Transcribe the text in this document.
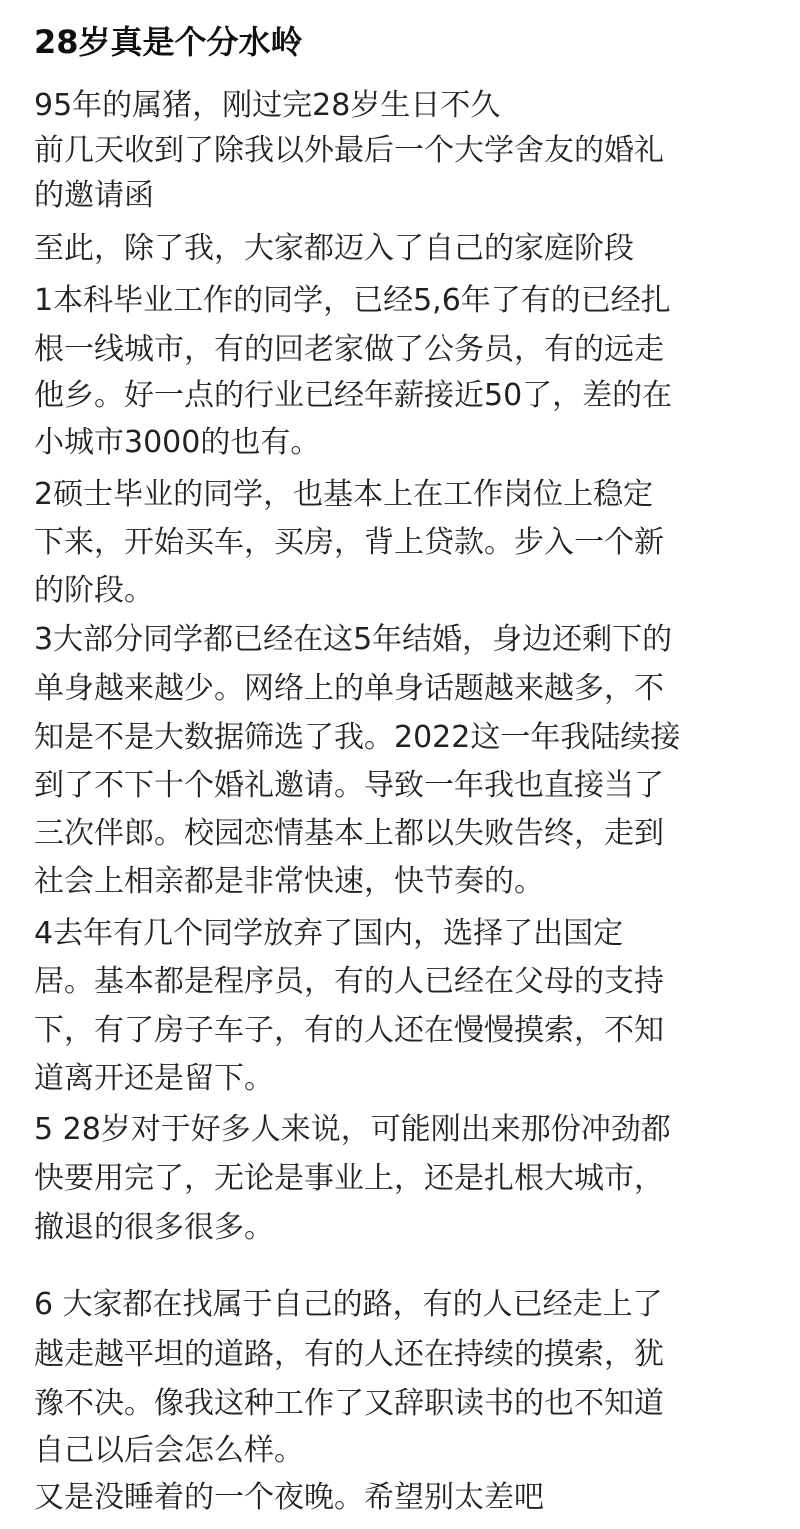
28岁真是个分水岭
95年的属猪，刚过完28岁生日不久
前几天收到了除我以外最后一个大学舍友的婚礼
的邀请函
至此，除了我，大家都迈入了自己的家庭阶段
1本科毕业工作的同学，已经5,6年了有的已经扎
根一线城市，有的回老家做了公务员，有的远走
他乡。好一点的行业已经年薪接近50了，差的在
小城市3000的也有。
2硕士毕业的同学，也基本上在工作岗位上稳定
下来，开始买车，买房，背上贷款。步入一个新
的阶段。
3大部分同学都已经在这5年结婚，身边还剩下的
单身越来越少。网络上的单身话题越来越多，不
知是不是大数据筛选了我。2022这一年我陆续接
到了不下十个婚礼邀请。导致一年我也直接当了
三次伴郎。校园恋情基本上都以失败告终，走到
社会上相亲都是非常快速，快节奏的。
4去年有几个同学放弃了国内，选择了出国定
居。基本都是程序员，有的人已经在父母的支持
下，有了房子车子，有的人还在慢慢摸索，不知
道离开还是留下。
5 28岁对于好多人来说，可能刚出来那份冲劲都
快要用完了，无论是事业上，还是扎根大城市，
撤退的很多很多。
6 大家都在找属于自己的路，有的人已经走上了
越走越平坦的道路，有的人还在持续的摸索，犹
豫不决。像我这种工作了又辞职读书的也不知道
自己以后会怎么样。
又是没睡着的一个夜晚。希望别太差吧
